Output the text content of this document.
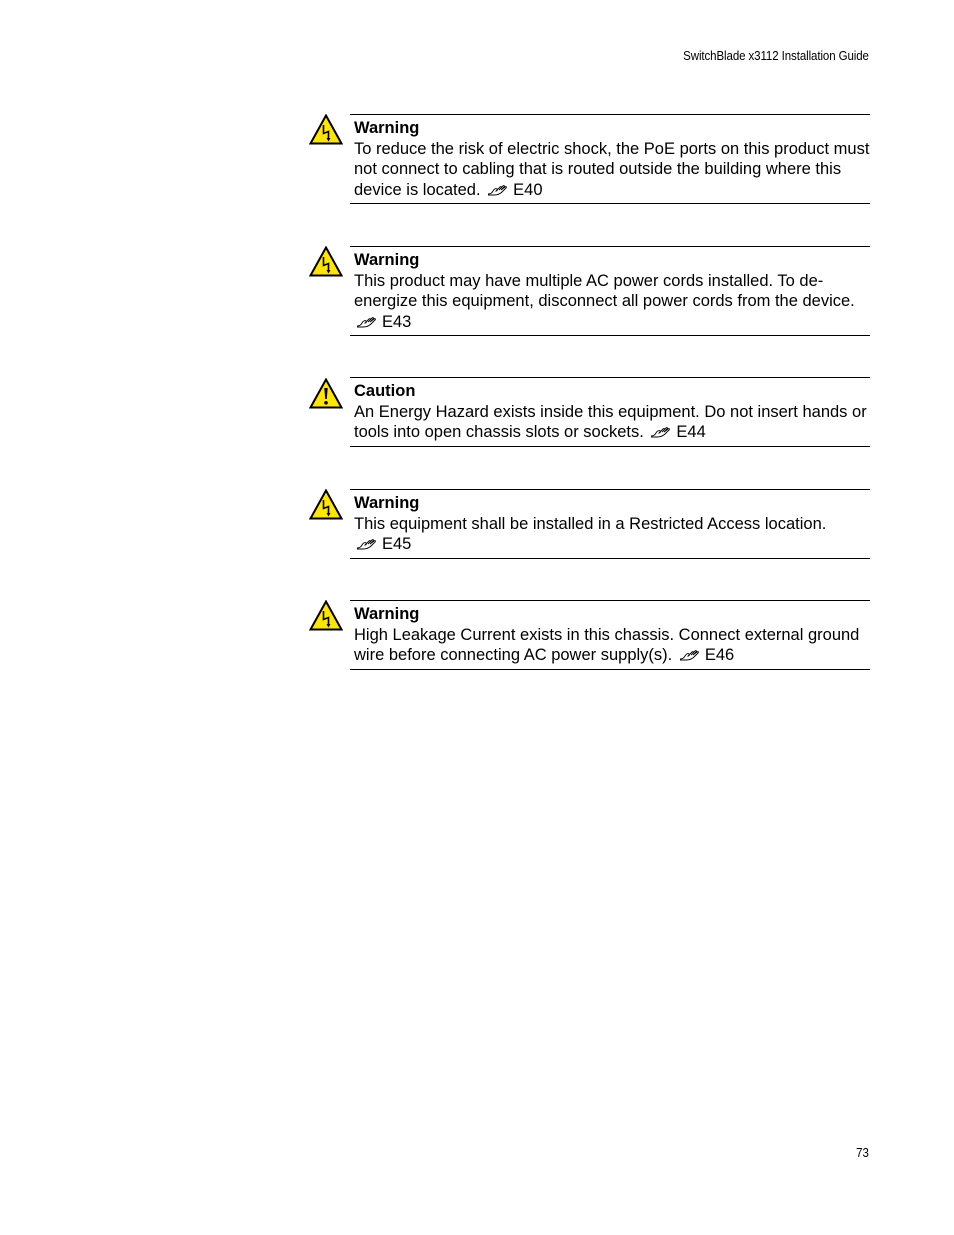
SwitchBlade x3112 Installation Guide
Warning
To reduce the risk of electric shock, the PoE ports on this product must not connect to cabling that is routed outside the building where this device is located. E40
Warning
This product may have multiple AC power cords installed. To de-energize this equipment, disconnect all power cords from the device. E43
Caution
An Energy Hazard exists inside this equipment. Do not insert hands or tools into open chassis slots or sockets. E44
Warning
This equipment shall be installed in a Restricted Access location. E45
Warning
High Leakage Current exists in this chassis. Connect external ground wire before connecting AC power supply(s). E46
73
